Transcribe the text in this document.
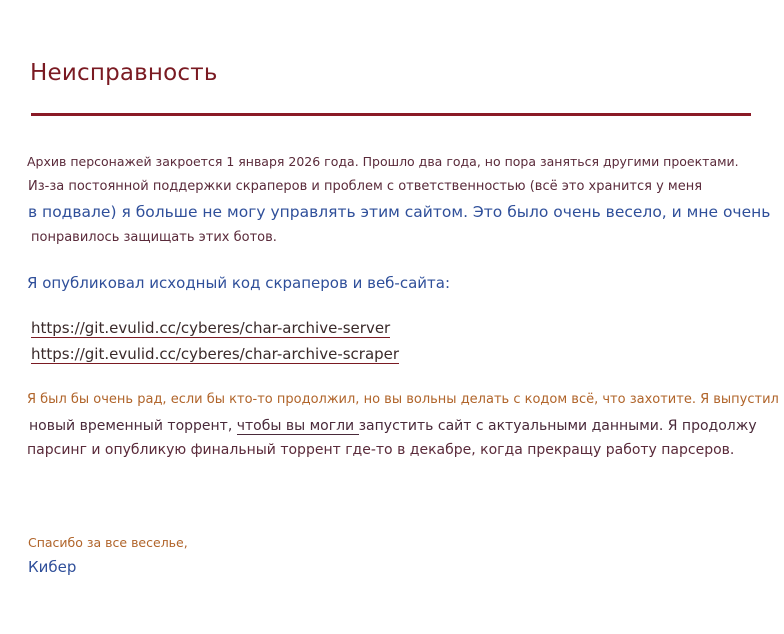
Неисправность
Архив персонажей закроется 1 января 2026 года. Прошло два года, но пора заняться другими проектами.
Из-за постоянной поддержки скраперов и проблем с ответственностью (всё это хранится у меня
в подвале) я больше не могу управлять этим сайтом. Это было очень весело, и мне очень
понравилось защищать этих ботов.
Я опубликовал исходный код скраперов и веб-сайта:
https://git.evulid.cc/cyberes/char-archive-server
https://git.evulid.cc/cyberes/char-archive-scraper
Я был бы очень рад, если бы кто-то продолжил, но вы вольны делать с кодом всё, что захотите. Я выпустил
новый временный торрент, чтобы вы могли запустить сайт с актуальными данными. Я продолжу
парсинг и опубликую финальный торрент где-то в декабре, когда прекращу работу парсеров.
Спасибо за все веселье,
Кибер
